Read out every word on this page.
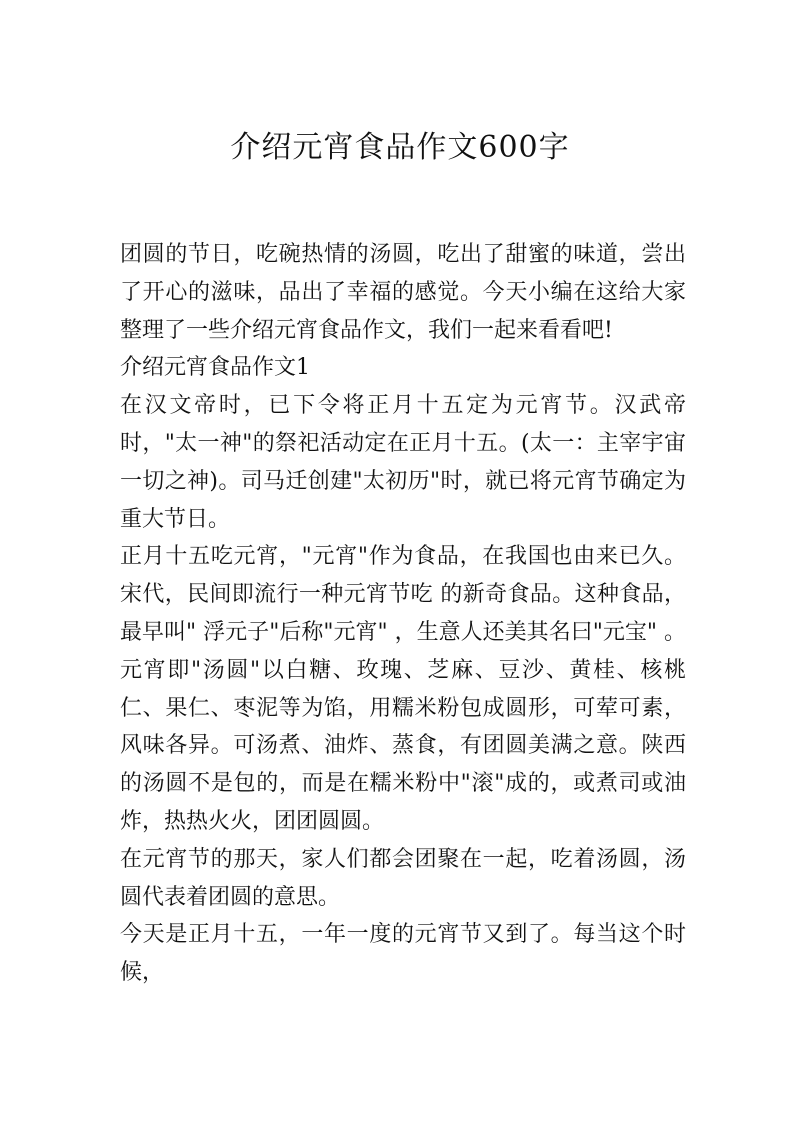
介绍元宵食品作文600字

团圆的节日，吃碗热情的汤圆，吃出了甜蜜的味道，尝出了开心的滋味，品出了幸福的感觉。今天小编在这给大家整理了一些介绍元宵食品作文，我们一起来看看吧!

介绍元宵食品作文1

在汉文帝时，已下令将正月十五定为元宵节。汉武帝时，"太一神"的祭祀活动定在正月十五。(太一：主宰宇宙一切之神)。司马迁创建"太初历"时，就已将元宵节确定为重大节日。

正月十五吃元宵，"元宵"作为食品，在我国也由来已久。宋代，民间即流行一种元宵节吃 的新奇食品。这种食品，最早叫" 浮元子"后称"元宵" ，生意人还美其名曰"元宝" 。元宵即"汤圆"以白糖、玫瑰、芝麻、豆沙、黄桂、核桃仁、果仁、枣泥等为馅，用糯米粉包成圆形，可荤可素，风味各异。可汤煮、油炸、蒸食，有团圆美满之意。陕西的汤圆不是包的，而是在糯米粉中"滚"成的，或煮司或油炸，热热火火，团团圆圆。

在元宵节的那天，家人们都会团聚在一起，吃着汤圆，汤圆代表着团圆的意思。

今天是正月十五，一年一度的元宵节又到了。每当这个时候，
